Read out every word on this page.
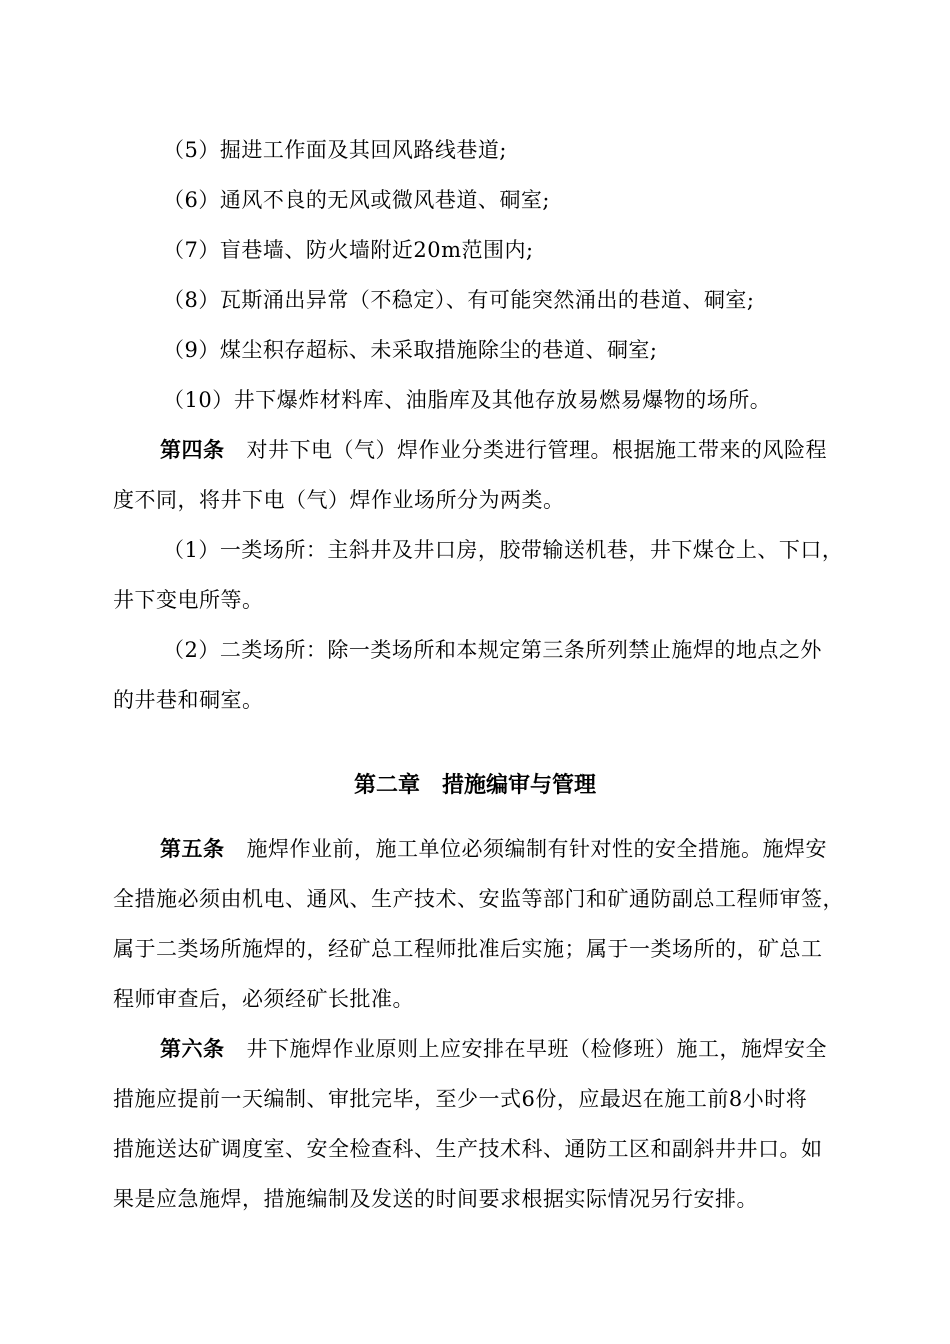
（5）掘进工作面及其回风路线巷道;
（6）通风不良的无风或微风巷道、硐室;
（7）盲巷墙、防火墙附近20m范围内;
（8）瓦斯涌出异常（不稳定）、有可能突然涌出的巷道、硐室;
（9）煤尘积存超标、未采取措施除尘的巷道、硐室;
（10）井下爆炸材料库、油脂库及其他存放易燃易爆物的场所。
第四条 对井下电（气）焊作业分类进行管理。根据施工带来的风险程
度不同，将井下电（气）焊作业场所分为两类。
（1）一类场所：主斜井及井口房，胶带输送机巷，井下煤仓上、下口，
井下变电所等。
（2）二类场所：除一类场所和本规定第三条所列禁止施焊的地点之外
的井巷和硐室。
第二章　措施编审与管理
第五条 施焊作业前，施工单位必须编制有针对性的安全措施。施焊安
全措施必须由机电、通风、生产技术、安监等部门和矿通防副总工程师审签，
属于二类场所施焊的，经矿总工程师批准后实施；属于一类场所的，矿总工
程师审查后，必须经矿长批准。
第六条 井下施焊作业原则上应安排在早班（检修班）施工，施焊安全
措施应提前一天编制、审批完毕，至少一式6份，应最迟在施工前8小时将
措施送达矿调度室、安全检查科、生产技术科、通防工区和副斜井井口。如
果是应急施焊，措施编制及发送的时间要求根据实际情况另行安排。
